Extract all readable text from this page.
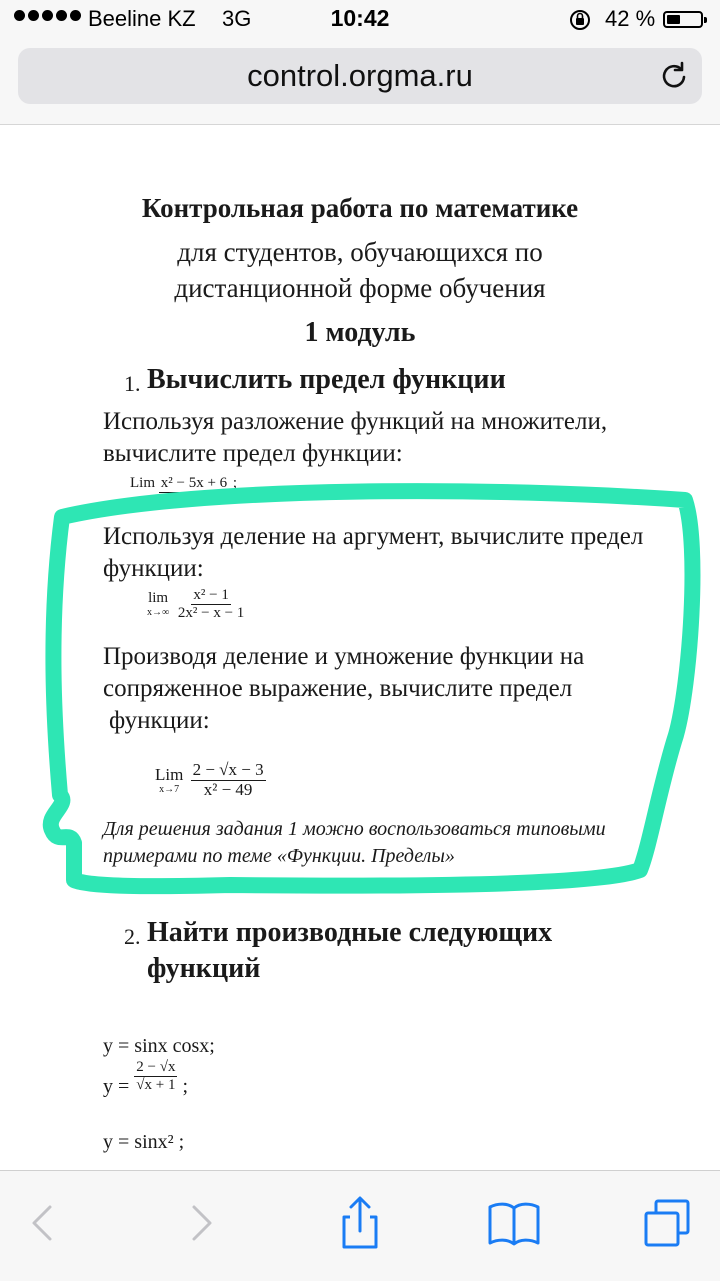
Beeline KZ 3G	10:42	42 %
control.orgma.ru
Контрольная работа по математике
для студентов, обучающихся по
дистанционной форме обучения
1 модуль
1. Вычислить предел функции
Используя разложение функций на множители,
вычислите предел функции:
Lim x² − 5x + 6 ;
Используя деление на аргумент, вычислите предел
функции:
lim
x→∞
$\frac{\text{x² − 1}}{\text{2x² − x − 1}}$
Производя деление и умножение функции на
сопряженное выражение, вычислите предел
функции:
Lim
x→7
$\frac{2 - √x - 3}{\text{x² − 49}}$
Для решения задания 1 можно воспользоваться типовыми
примерами по теме «Функции. Пределы»
2. Найти производные следующих
функций
y = sinx cosx;
$y = \frac{2 - √x}{√x + 1}$ ;
y = sinx² ;
